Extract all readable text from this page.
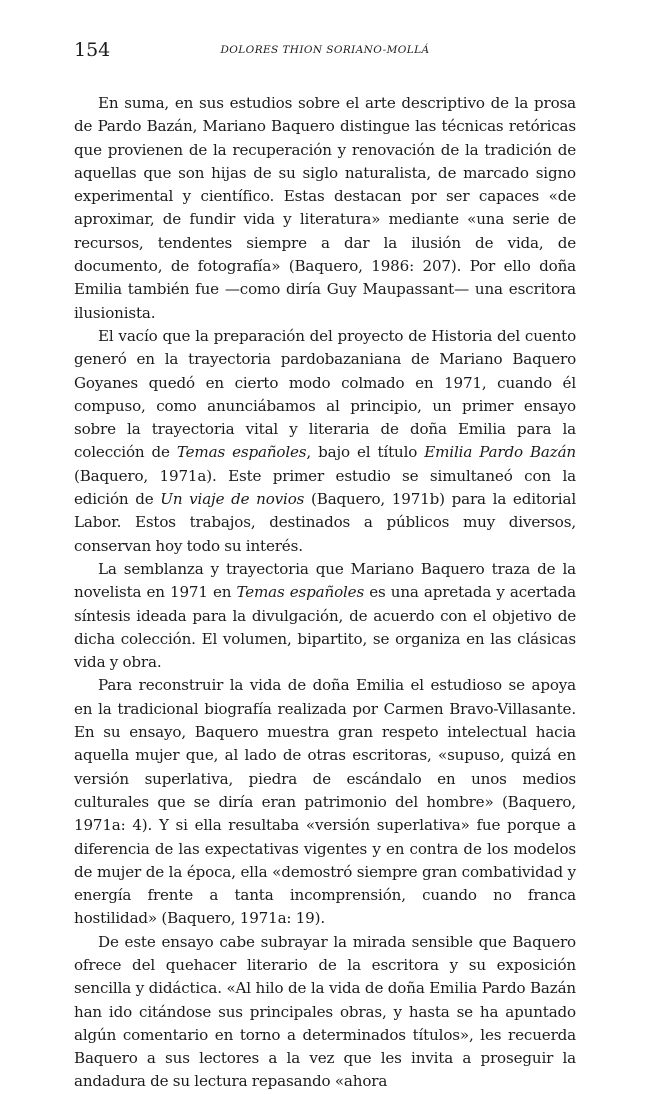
154	DOLORES THION SORIANO-MOLLÁ

En suma, en sus estudios sobre el arte descriptivo de la prosa de Pardo Bazán, Mariano Baquero distingue las técnicas retóricas que provienen de la recuperación y renovación de la tradición de aquellas que son hijas de su siglo naturalista, de marcado signo experimental y científico. Estas destacan por ser capaces «de aproximar, de fundir vida y literatura» mediante «una serie de recursos, tendentes siempre a dar la ilusión de vida, de documento, de fotografía» (Baquero, 1986: 207). Por ello doña Emilia también fue —como diría Guy Maupassant— una escritora ilusionista.

El vacío que la preparación del proyecto de Historia del cuento generó en la trayectoria pardobazaniana de Mariano Baquero Goyanes quedó en cierto modo colmado en 1971, cuando él compuso, como anunciábamos al principio, un primer ensayo sobre la trayectoria vital y literaria de doña Emilia para la colección de Temas españoles, bajo el título Emilia Pardo Bazán (Baquero, 1971a). Este primer estudio se simultaneó con la edición de Un viaje de novios (Baquero, 1971b) para la editorial Labor. Estos trabajos, destinados a públicos muy diversos, conservan hoy todo su interés.

La semblanza y trayectoria que Mariano Baquero traza de la novelista en 1971 en Temas españoles es una apretada y acertada síntesis ideada para la divulgación, de acuerdo con el objetivo de dicha colección. El volumen, bipartito, se organiza en las clásicas vida y obra.

Para reconstruir la vida de doña Emilia el estudioso se apoya en la tradicional biografía realizada por Carmen Bravo-Villasante. En su ensayo, Baquero muestra gran respeto intelectual hacia aquella mujer que, al lado de otras escritoras, «supuso, quizá en versión superlativa, piedra de escándalo en unos medios culturales que se diría eran patrimonio del hombre» (Baquero, 1971a: 4). Y si ella resultaba «versión superlativa» fue porque a diferencia de las expectativas vigentes y en contra de los modelos de mujer de la época, ella «demostró siempre gran combatividad y energía frente a tanta incomprensión, cuando no franca hostilidad» (Baquero, 1971a: 19).

De este ensayo cabe subrayar la mirada sensible que Baquero ofrece del quehacer literario de la escritora y su exposición sencilla y didáctica. «Al hilo de la vida de doña Emilia Pardo Bazán han ido citándose sus principales obras, y hasta se ha apuntado algún comentario en torno a determinados títulos», les recuerda Baquero a sus lectores a la vez que les invita a proseguir la andadura de su lectura repasando «ahora
